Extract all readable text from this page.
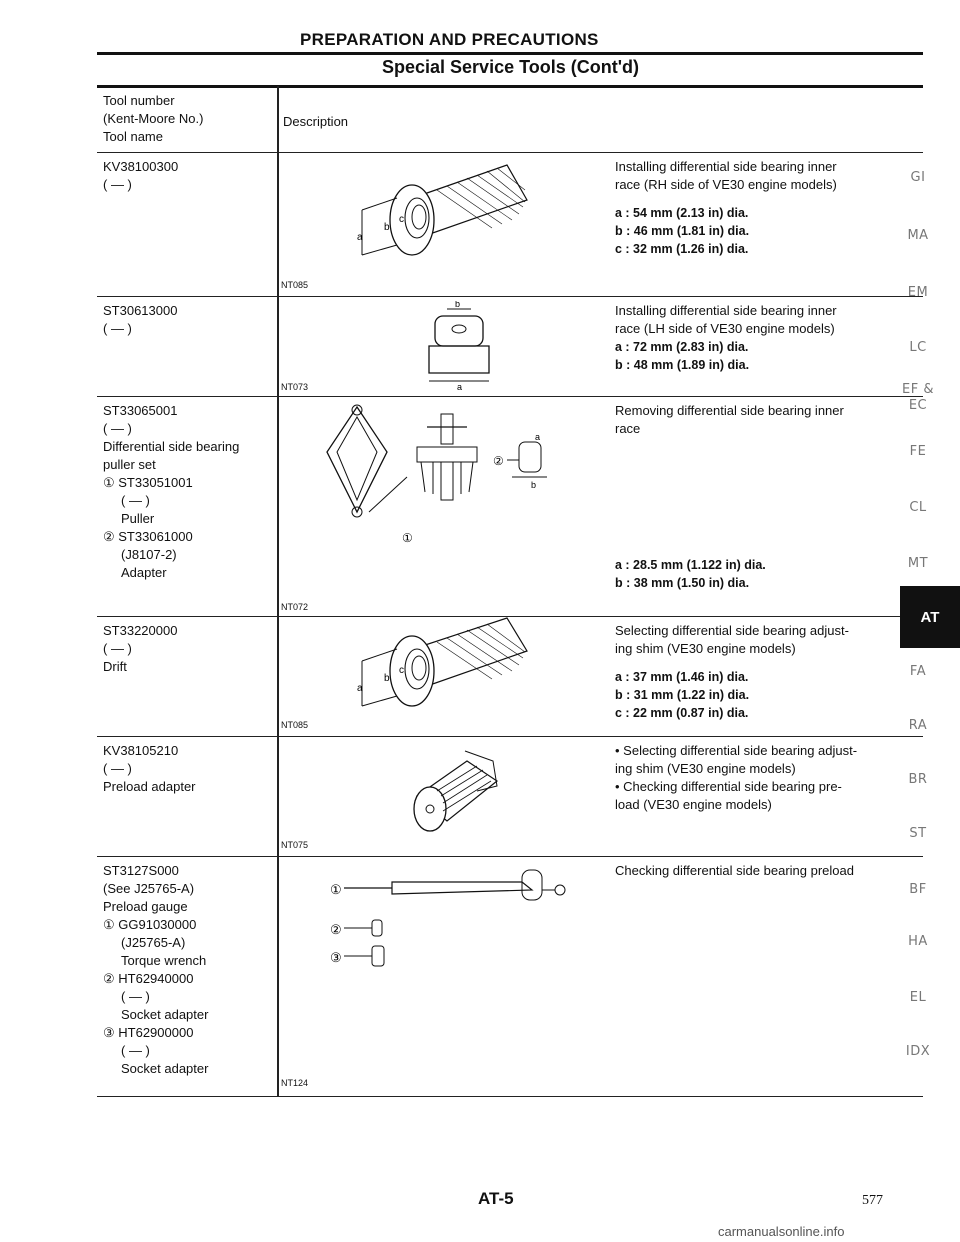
PREPARATION AND PRECAUTIONS
Special Service Tools (Cont'd)
Tool number
(Kent-Moore No.)
Tool name
Description
KV38100300
( — )
a
b
c
NT085
Installing differential side bearing inner
race (RH side of VE30 engine models)
a : 54 mm (2.13 in) dia.
b : 46 mm (1.81 in) dia.
c : 32 mm (1.26 in) dia.
ST30613000
( — )
b
a
NT073
Installing differential side bearing inner
race (LH side of VE30 engine models)
a : 72 mm (2.83 in) dia.
b : 48 mm (1.89 in) dia.
ST33065001
( — )
Differential side bearing
puller set
① ST33051001
( — )
Puller
② ST33061000
(J8107-2)
Adapter
①
②
a
b
NT072
Removing differential side bearing inner
race
a : 28.5 mm (1.122 in) dia.
b : 38 mm (1.50 in) dia.
ST33220000
( — )
Drift
a
b
c
NT085
Selecting differential side bearing adjust-
ing shim (VE30 engine models)
a : 37 mm (1.46 in) dia.
b : 31 mm (1.22 in) dia.
c : 22 mm (0.87 in) dia.
KV38105210
( — )
Preload adapter
NT075
• Selecting differential side bearing adjust-
ing shim (VE30 engine models)
• Checking differential side bearing pre-
load (VE30 engine models)
ST3127S000
(See J25765-A)
Preload gauge
① GG91030000
(J25765-A)
Torque wrench
② HT62940000
( — )
Socket adapter
③ HT62900000
( — )
Socket adapter
①
②
③
NT124
Checking differential side bearing preload
GI
MA
EM
LC
EF &
EC
FE
CL
MT
AT
FA
RA
BR
ST
BF
HA
EL
IDX
AT-5	577
carmanualsonline.info
